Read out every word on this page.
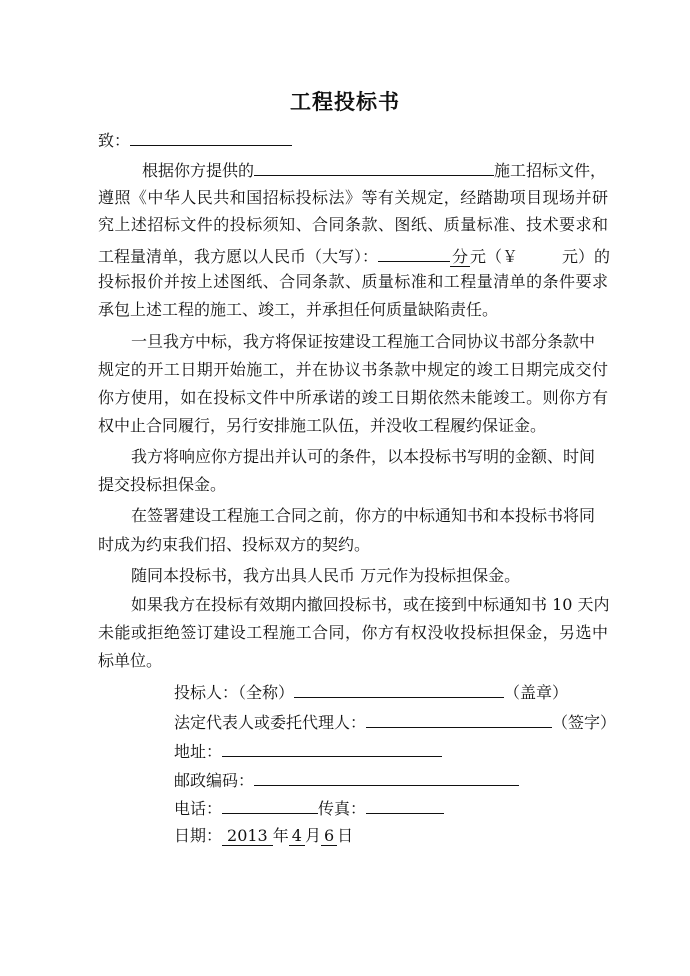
工程投标书
致：
根据你方提供的	施工招标文件，
遵照《中华人民共和国招标投标法》等有关规定，经踏勘项目现场并研
究上述招标文件的投标须知、合同条款、图纸、质量标准、技术要求和
工程量清单，我方愿以人民币（大写）：	分 元（￥	元）的
投标报价并按上述图纸、合同条款、质量标准和工程量清单的条件要求
承包上述工程的施工、竣工，并承担任何质量缺陷责任。
一旦我方中标，我方将保证按建设工程施工合同协议书部分条款中
规定的开工日期开始施工，并在协议书条款中规定的竣工日期完成交付
你方使用，如在投标文件中所承诺的竣工日期依然未能竣工。则你方有
权中止合同履行，另行安排施工队伍，并没收工程履约保证金。
我方将响应你方提出并认可的条件，以本投标书写明的金额、时间
提交投标担保金。
在签署建设工程施工合同之前，你方的中标通知书和本投标书将同
时成为约束我们招、投标双方的契约。
随同本投标书，我方出具人民币 万元作为投标担保金。
如果我方在投标有效期内撤回投标书，或在接到中标通知书 10 天内
未能或拒绝签订建设工程施工合同，你方有权没收投标担保金，另选中
标单位。
投标人：（全称）	（盖章）
法定代表人或委托代理人：	（签字）
地址：
邮政编码：
电话：	传真：
日期： 2013 年 4 月 6 日
